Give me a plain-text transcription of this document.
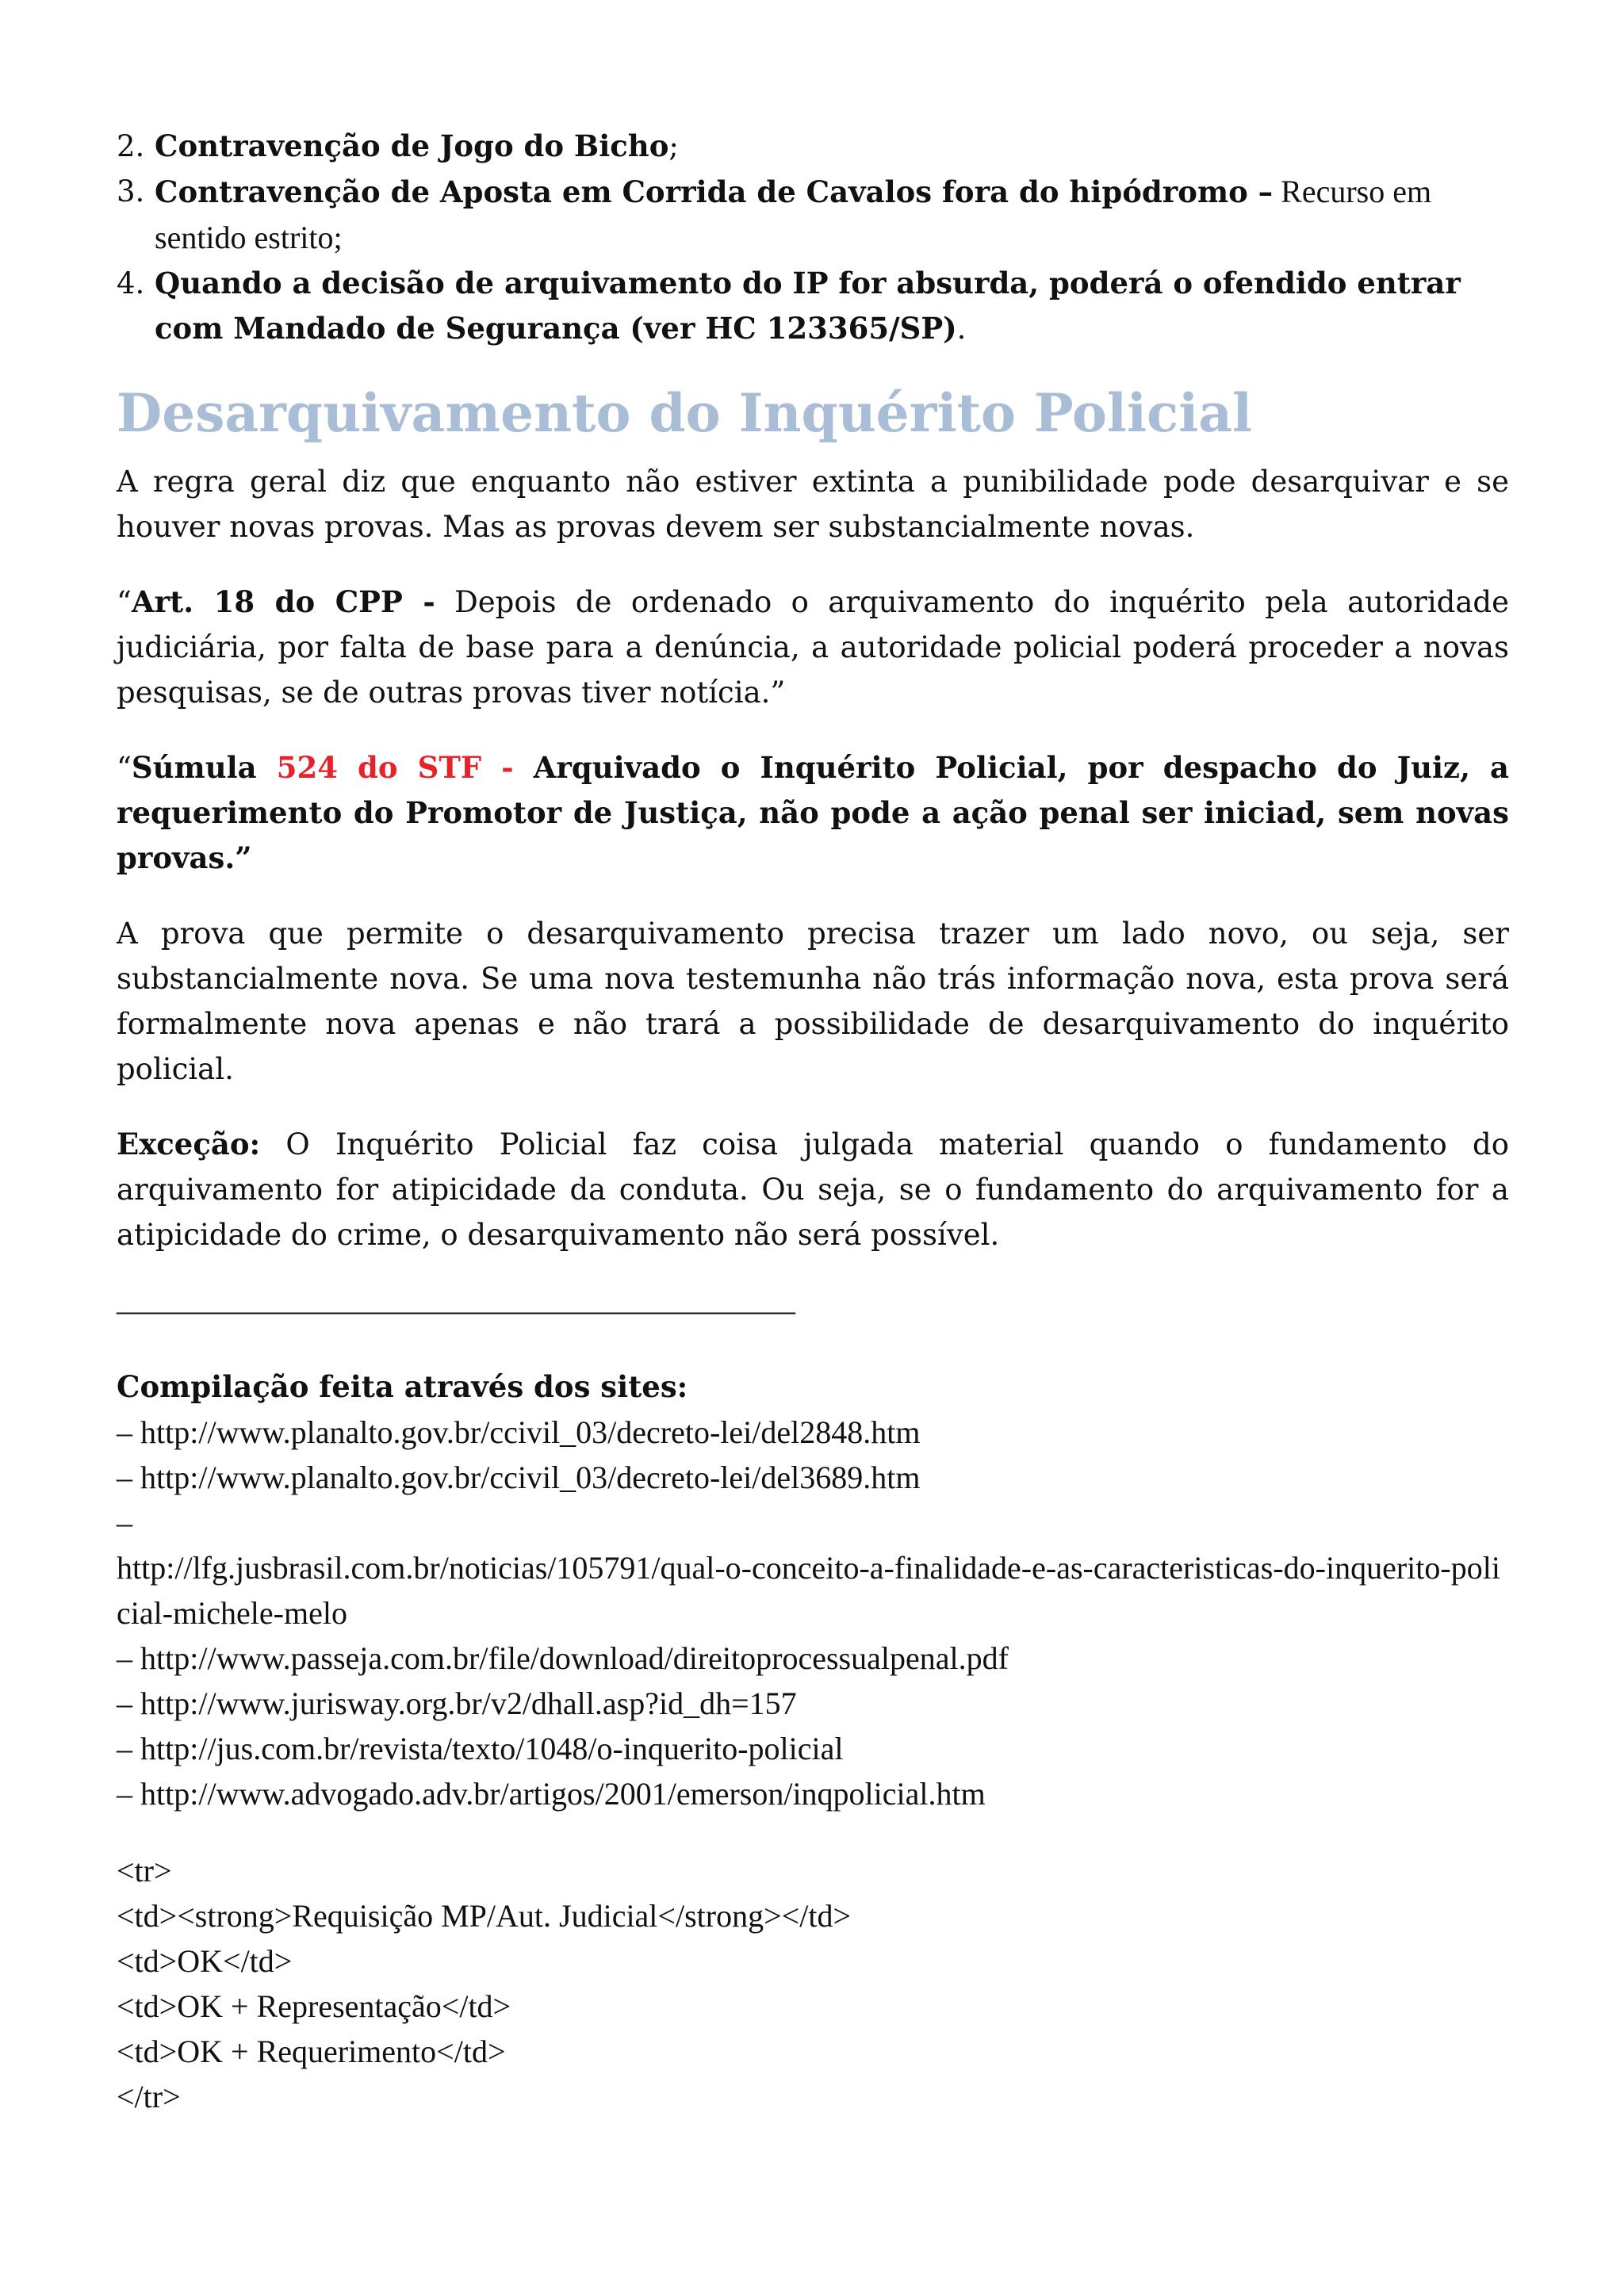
2. Contravenção de Jogo do Bicho;
3. Contravenção de Aposta em Corrida de Cavalos fora do hipódromo – Recurso em sentido estrito;
4. Quando a decisão de arquivamento do IP for absurda, poderá o ofendido entrar com Mandado de Segurança (ver HC 123365/SP).
Desarquivamento do Inquérito Policial

A regra geral diz que enquanto não estiver extinta a punibilidade pode desarquivar e se houver novas provas. Mas as provas devem ser substancialmente novas.

“Art. 18 do CPP - Depois de ordenado o arquivamento do inquérito pela autoridade judiciária, por falta de base para a denúncia, a autoridade policial poderá proceder a novas pesquisas, se de outras provas tiver notícia.”

“Súmula 524 do STF - Arquivado o Inquérito Policial, por despacho do Juiz, a requerimento do Promotor de Justiça, não pode a ação penal ser iniciad, sem novas provas.”

A prova que permite o desarquivamento precisa trazer um lado novo, ou seja, ser substancialmente nova. Se uma nova testemunha não trás informação nova, esta prova será formalmente nova apenas e não trará a possibilidade de desarquivamento do inquérito policial.

Exceção: O Inquérito Policial faz coisa julgada material quando o fundamento do arquivamento for atipicidade da conduta. Ou seja, se o fundamento do arquivamento for a atipicidade do crime, o desarquivamento não será possível.

——————————————————————–
Compilação feita através dos sites:
– http://www.planalto.gov.br/ccivil_03/decreto-lei/del2848.htm
– http://www.planalto.gov.br/ccivil_03/decreto-lei/del3689.htm
–
http://lfg.jusbrasil.com.br/noticias/105791/qual-o-conceito-a-finalidade-e-as-caracteristicas-do-inquerito-policial-michele-melo
– http://www.passeja.com.br/file/download/direitoprocessualpenal.pdf
– http://www.jurisway.org.br/v2/dhall.asp?id_dh=157
– http://jus.com.br/revista/texto/1048/o-inquerito-policial
– http://www.advogado.adv.br/artigos/2001/emerson/inqpolicial.htm
<tr>
<td><strong>Requisição MP/Aut. Judicial</strong></td>
<td>OK</td>
<td>OK + Representação</td>
<td>OK + Requerimento</td>
</tr>
